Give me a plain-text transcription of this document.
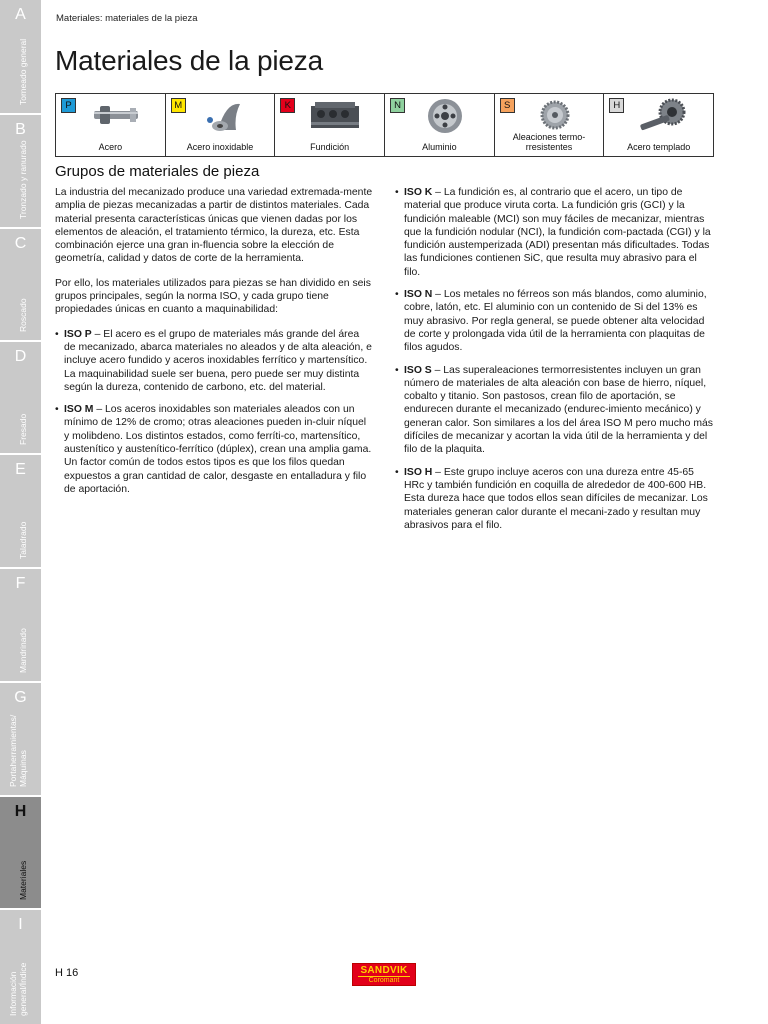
A
Torneado general
B
Tronzado y ranurado
C
Roscado
D
Fresado
E
Taladrado
F
Mandrinado
G
Portaherramientas/ Máquinas
H
Materiales
I
Información general/Índice
Materiales: materiales de la pieza
Materiales de la pieza
P
Acero
M
Acero inoxidable
K
Fundición
N
Aluminio
S
Aleaciones termo-rresistentes
H
Acero templado
Grupos de materiales de pieza

La industria del mecanizado produce una variedad extremada-mente amplia de piezas mecanizadas a partir de distintos materiales. Cada material presenta características únicas que vienen dadas por los elementos de aleación, el tratamiento térmico, la dureza, etc. Esta combinación ejerce una gran in-fluencia sobre la elección de geometría, calidad y datos de corte de la herramienta.

Por ello, los materiales utilizados para piezas se han dividido en seis grupos principales, según la norma ISO, y cada grupo tiene propiedades únicas en cuanto a maquinabilidad:

• ISO P – El acero es el grupo de materiales más grande del área de mecanizado, abarca materiales no aleados y de alta aleación, e incluye acero fundido y aceros inoxidables ferrítico y martensítico. La maquinabilidad suele ser buena, pero puede ser muy distinta según la dureza, contenido de carbono, etc. del material.
• ISO M – Los aceros inoxidables son materiales aleados con un mínimo de 12% de cromo; otras aleaciones pueden in-cluir níquel y molibdeno. Los distintos estados, como ferríti-co, martensítico, austenítico y austenítico-ferrítico (dúplex), crean una amplia gama. Un factor común de todos estos tipos es que los filos quedan expuestos a gran cantidad de calor, desgaste en entalladura y filo de aportación.
• ISO K – La fundición es, al contrario que el acero, un tipo de material que produce viruta corta. La fundición gris (GCI) y la fundición maleable (MCI) son muy fáciles de mecanizar, mientras que la fundición nodular (NCI), la fundición com-pactada (CGI) y la fundición austemperizada (ADI) presentan más dificultades. Todas las fundiciones contienen SiC, que resulta muy abrasivo para el filo.
• ISO N – Los metales no férreos son más blandos, como aluminio, cobre, latón, etc. El aluminio con un contenido de Si del 13% es muy abrasivo. Por regla general, se puede obtener alta velocidad de corte y prolongada vida útil de la herramienta con plaquitas de filos agudos.
• ISO S – Las superaleaciones termorresistentes incluyen un gran número de materiales de alta aleación con base de hierro, níquel, cobalto y titanio. Son pastosos, crean filo de aportación, se endurecen durante el mecanizado (endurec-imiento mecánico) y generan calor. Son similares a los del área ISO M pero mucho más difíciles de mecanizar y acortan la vida útil de la herramienta y del filo de la plaquita.
• ISO H – Este grupo incluye aceros con una dureza entre 45-65 HRc y también fundición en coquilla de alrededor de 400-600 HB. Esta dureza hace que todos ellos sean difíciles de mecanizar. Los materiales generan calor durante el mecani-zado y resultan muy abrasivos para el filo.
H 16	SANDVIK
Coromant
